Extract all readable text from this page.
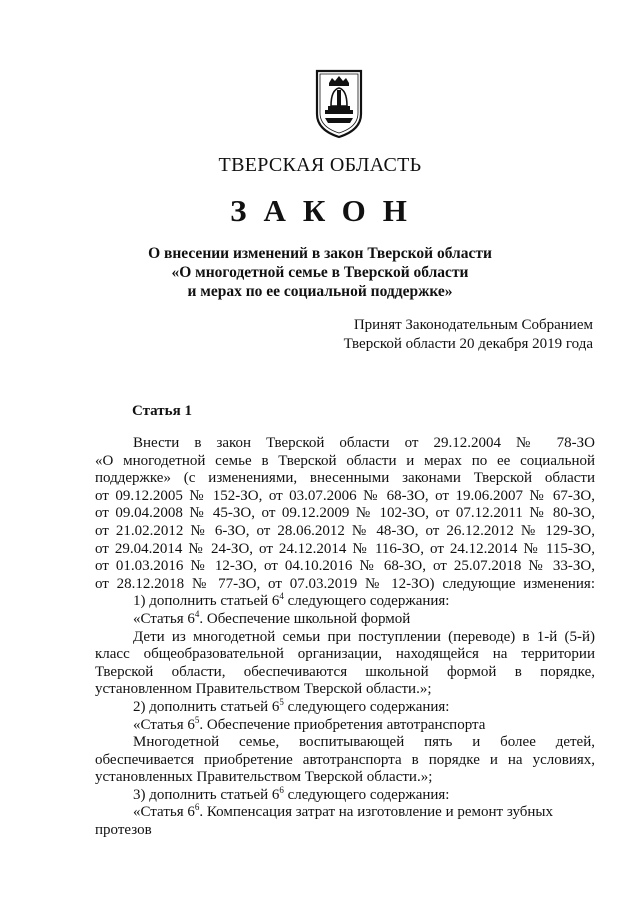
ТВЕРСКАЯ ОБЛАСТЬ
ЗАКОН
О внесении изменений в закон Тверской области
«О многодетной семье в Тверской области
и мерах по ее социальной поддержке»
Принят Законодательным Собранием
Тверской области 20 декабря 2019 года
Статья 1
Внести в закон Тверской области от 29.12.2004 № 78-ЗО
«О многодетной семье в Тверской области и мерах по ее социальной
поддержке» (с изменениями, внесенными законами Тверской области
от 09.12.2005 № 152-ЗО, от 03.07.2006 № 68-ЗО, от 19.06.2007 № 67-ЗО,
от 09.04.2008 № 45-ЗО, от 09.12.2009 № 102-ЗО, от 07.12.2011 № 80-ЗО,
от 21.02.2012 № 6-ЗО, от 28.06.2012 № 48-ЗО, от 26.12.2012 № 129-ЗО,
от 29.04.2014 № 24-ЗО, от 24.12.2014 № 116-ЗО, от 24.12.2014 № 115-ЗО,
от 01.03.2016 № 12-ЗО, от 04.10.2016 № 68-ЗО, от 25.07.2018 № 33-ЗО,
от 28.12.2018 № 77-ЗО, от 07.03.2019 № 12-ЗО) следующие изменения:
1) дополнить статьей $6^4$ следующего содержания:
«Статья $6^4$. Обеспечение школьной формой
Дети из многодетной семьи при поступлении (переводе) в 1-й (5-й)
класс общеобразовательной организации, находящейся на территории
Тверской области, обеспечиваются школьной формой в порядке,
установленном Правительством Тверской области.»;
2) дополнить статьей $6^5$ следующего содержания:
«Статья $6^5$. Обеспечение приобретения автотранспорта
Многодетной семье, воспитывающей пять и более детей,
обеспечивается приобретение автотранспорта в порядке и на условиях,
установленных Правительством Тверской области.»;
3) дополнить статьей $6^6$ следующего содержания:
«Статья $6^6$. Компенсация затрат на изготовление и ремонт зубных
протезов
